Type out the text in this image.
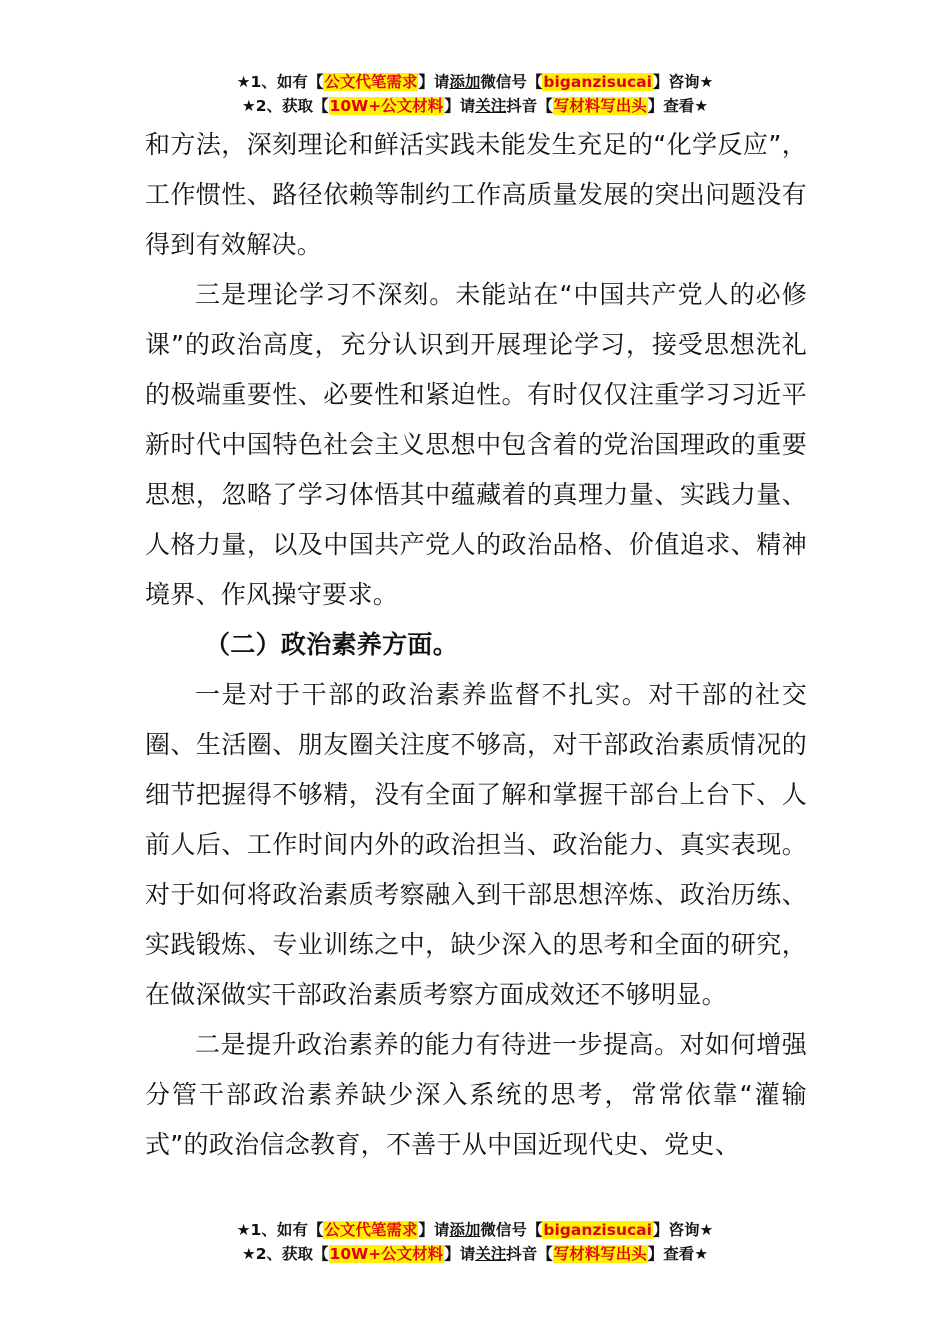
★1、如有【公文代笔需求】请添加微信号【biganzisucai】咨询★
★2、获取【10W+公文材料】请关注抖音【写材料写出头】查看★

和方法，深刻理论和鲜活实践未能发生充足的“化学反应”，工作惯性、路径依赖等制约工作高质量发展的突出问题没有得到有效解决。

三是理论学习不深刻。未能站在“中国共产党人的必修课”的政治高度，充分认识到开展理论学习，接受思想洗礼的极端重要性、必要性和紧迫性。有时仅仅注重学习习近平新时代中国特色社会主义思想中包含着的党治国理政的重要思想，忽略了学习体悟其中蕴藏着的真理力量、实践力量、人格力量，以及中国共产党人的政治品格、价值追求、精神境界、作风操守要求。

（二）政治素养方面。

一是对于干部的政治素养监督不扎实。对干部的社交圈、生活圈、朋友圈关注度不够高，对干部政治素质情况的细节把握得不够精，没有全面了解和掌握干部台上台下、人前人后、工作时间内外的政治担当、政治能力、真实表现。对于如何将政治素质考察融入到干部思想淬炼、政治历练、实践锻炼、专业训练之中，缺少深入的思考和全面的研究，在做深做实干部政治素质考察方面成效还不够明显。

二是提升政治素养的能力有待进一步提高。对如何增强分管干部政治素养缺少深入系统的思考，常常依靠“灌输式”的政治信念教育，不善于从中国近现代史、党史、

★1、如有【公文代笔需求】请添加微信号【biganzisucai】咨询★
★2、获取【10W+公文材料】请关注抖音【写材料写出头】查看★
